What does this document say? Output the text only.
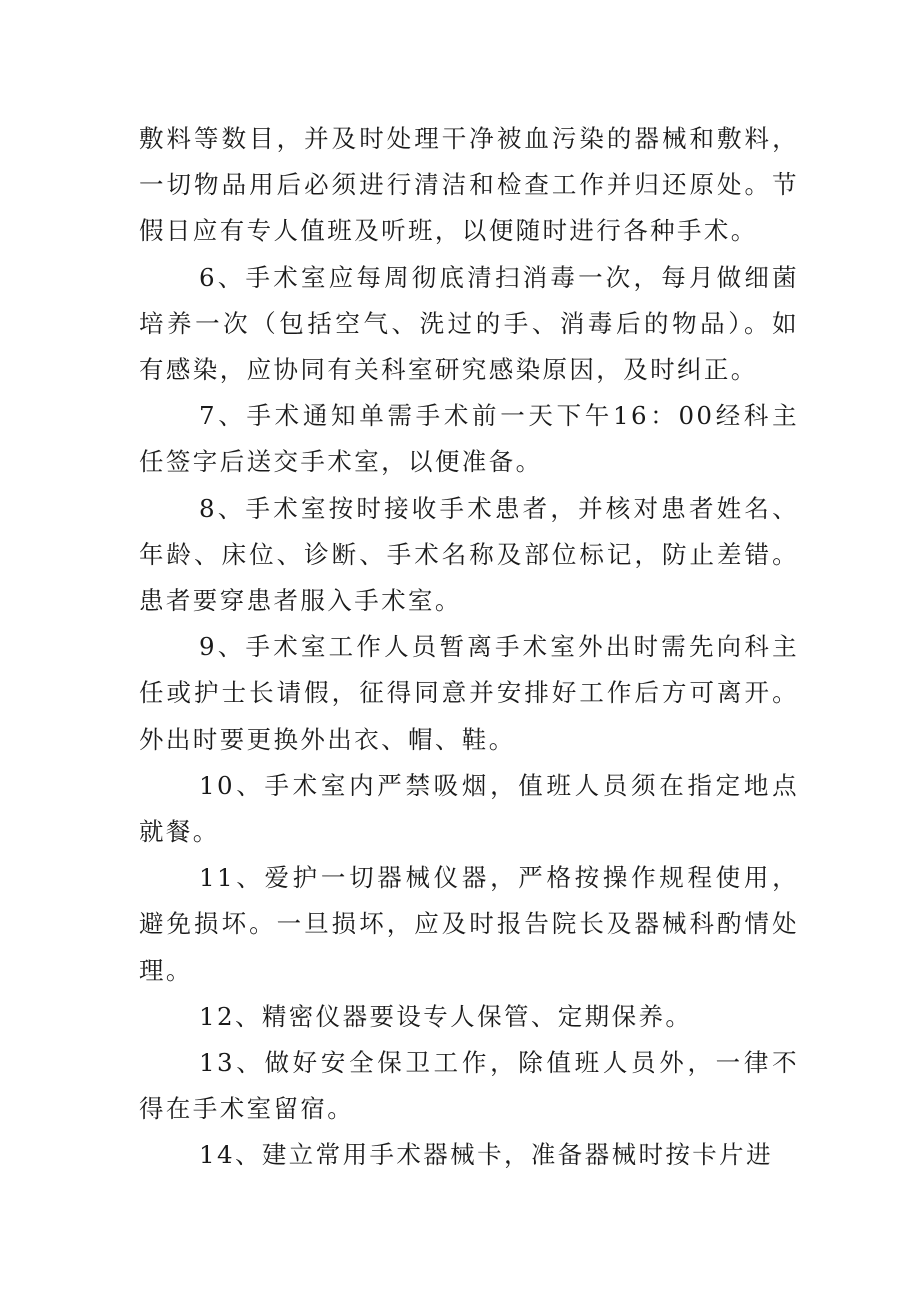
敷料等数目，并及时处理干净被血污染的器械和敷料，一切物品用后必须进行清洁和检查工作并归还原处。节假日应有专人值班及听班，以便随时进行各种手术。

6、手术室应每周彻底清扫消毒一次，每月做细菌培养一次（包括空气、洗过的手、消毒后的物品）。如有感染，应协同有关科室研究感染原因，及时纠正。

7、手术通知单需手术前一天下午16：00经科主任签字后送交手术室，以便准备。

8、手术室按时接收手术患者，并核对患者姓名、年龄、床位、诊断、手术名称及部位标记，防止差错。患者要穿患者服入手术室。

9、手术室工作人员暂离手术室外出时需先向科主任或护士长请假，征得同意并安排好工作后方可离开。外出时要更换外出衣、帽、鞋。

10、手术室内严禁吸烟，值班人员须在指定地点就餐。

11、爱护一切器械仪器，严格按操作规程使用，避免损坏。一旦损坏，应及时报告院长及器械科酌情处理。

12、精密仪器要设专人保管、定期保养。

13、做好安全保卫工作，除值班人员外，一律不得在手术室留宿。

14、建立常用手术器械卡，准备器械时按卡片进
